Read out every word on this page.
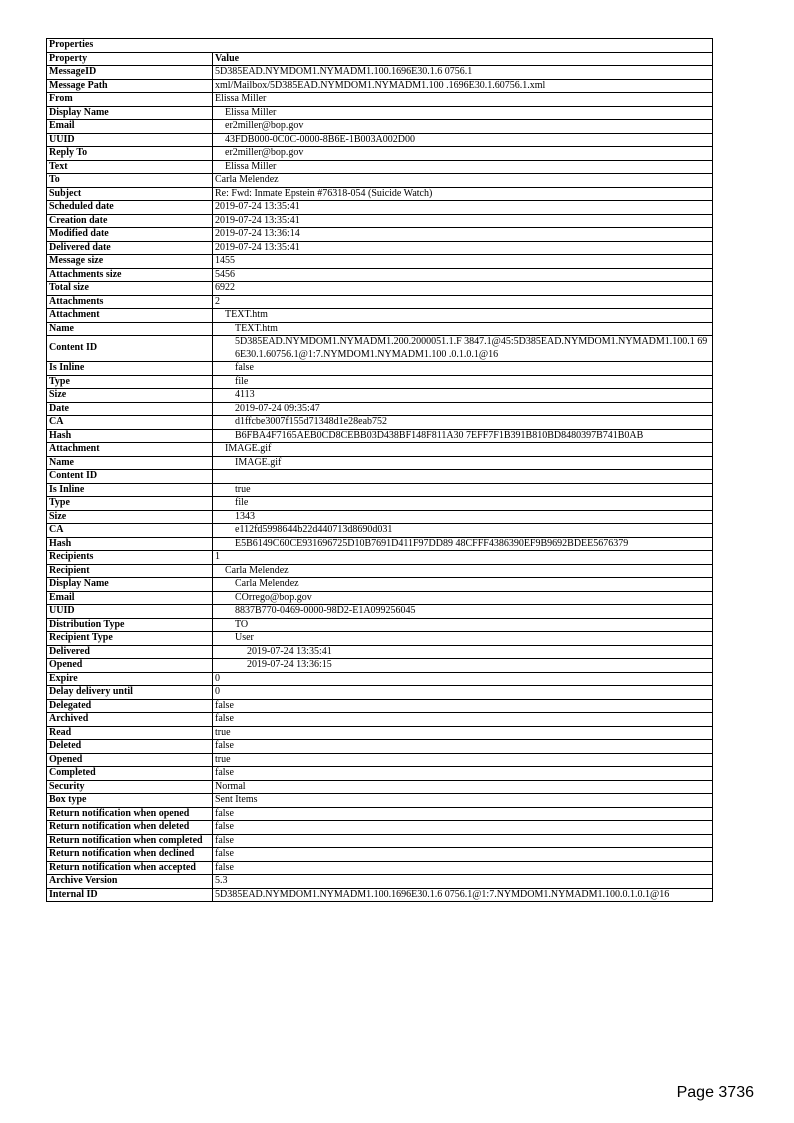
Properties	
Property	Value
MessageID	5D385EAD.NYMDOM1.NYMADM1.100.1696E30.1.6 0756.1
Message Path	xml/Mailbox/5D385EAD.NYMDOM1.NYMADM1.100 .1696E30.1.60756.1.xml
From	Elissa Miller
Display Name	Elissa Miller
Email	er2miller@bop.gov
UUID	43FDB000-0C0C-0000-8B6E-1B003A002D00
Reply To	er2miller@bop.gov
Text	Elissa Miller
To	Carla Melendez
Subject	Re: Fwd: Inmate Epstein #76318-054 (Suicide Watch)
Scheduled date	2019-07-24 13:35:41
Creation date	2019-07-24 13:35:41
Modified date	2019-07-24 13:36:14
Delivered date	2019-07-24 13:35:41
Message size	1455
Attachments size	5456
Total size	6922
Attachments	2
Attachment	TEXT.htm
Name	TEXT.htm
Content ID	5D385EAD.NYMDOM1.NYMADM1.200.2000051.1.F 3847.1@45:5D385EAD.NYMDOM1.NYMADM1.100.1 696E30.1.60756.1@1:7.NYMDOM1.NYMADM1.100 .0.1.0.1@16
Is Inline	false
Type	file
Size	4113
Date	2019-07-24 09:35:47
CA	d1ffcbe3007f155d71348d1e28eab752
Hash	B6FBA4F7165AEB0CD8CEBB03D438BF148F811A30 7EFF7F1B391B810BD8480397B741B0AB
Attachment	IMAGE.gif
Name	IMAGE.gif
Content ID	
Is Inline	true
Type	file
Size	1343
CA	e112fd5998644b22d440713d8690d031
Hash	E5B6149C60CE931696725D10B7691D411F97DD89 48CFFF4386390EF9B9692BDEE5676379
Recipients	1
Recipient	Carla Melendez
Display Name	Carla Melendez
Email	COrrego@bop.gov
UUID	8837B770-0469-0000-98D2-E1A099256045
Distribution Type	TO
Recipient Type	User
Delivered	2019-07-24 13:35:41
Opened	2019-07-24 13:36:15
Expire	0
Delay delivery until	0
Delegated	false
Archived	false
Read	true
Deleted	false
Opened	true
Completed	false
Security	Normal
Box type	Sent Items
Return notification when opened	false
Return notification when deleted	false
Return notification when completed	false
Return notification when declined	false
Return notification when accepted	false
Archive Version	5.3
Internal ID	5D385EAD.NYMDOM1.NYMADM1.100.1696E30.1.6 0756.1@1:7.NYMDOM1.NYMADM1.100.0.1.0.1@16
Page 3736
